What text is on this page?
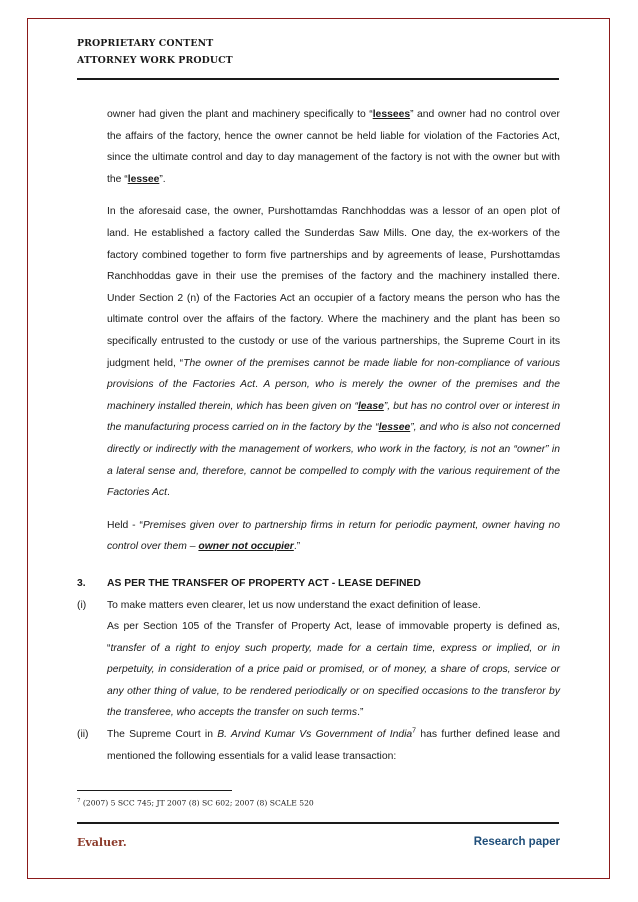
PROPRIETARY CONTENT
ATTORNEY WORK PRODUCT

owner had given the plant and machinery specifically to “lessees” and owner had no control over the affairs of the factory, hence the owner cannot be held liable for violation of the Factories Act, since the ultimate control and day to day management of the factory is not with the owner but with the “lessee”.

In the aforesaid case, the owner, Purshottamdas Ranchhoddas was a lessor of an open plot of land. He established a factory called the Sunderdas Saw Mills. One day, the ex-workers of the factory combined together to form five partnerships and by agreements of lease, Purshottamdas Ranchhoddas gave in their use the premises of the factory and the machinery installed there. Under Section 2 (n) of the Factories Act an occupier of a factory means the person who has the ultimate control over the affairs of the factory. Where the machinery and the plant has been so specifically entrusted to the custody or use of the various partnerships, the Supreme Court in its judgment held, “The owner of the premises cannot be made liable for non-compliance of various provisions of the Factories Act. A person, who is merely the owner of the premises and the machinery installed therein, which has been given on “lease”, but has no control over or interest in the manufacturing process carried on in the factory by the “lessee”, and who is also not concerned directly or indirectly with the management of workers, who work in the factory, is not an “owner” in a lateral sense and, therefore, cannot be compelled to comply with the various requirement of the Factories Act.

Held - “Premises given over to partnership firms in return for periodic payment, owner having no control over them – owner not occupier.”

3. AS PER THE TRANSFER OF PROPERTY ACT - LEASE DEFINED
(i) To make matters even clearer, let us now understand the exact definition of lease.

As per Section 105 of the Transfer of Property Act, lease of immovable property is defined as, “transfer of a right to enjoy such property, made for a certain time, express or implied, or in perpetuity, in consideration of a price paid or promised, or of money, a share of crops, service or any other thing of value, to be rendered periodically or on specified occasions to the transferor by the transferee, who accepts the transfer on such terms.”

(ii) The Supreme Court in B. Arvind Kumar Vs Government of India$^7$ has further defined lease and mentioned the following essentials for a valid lease transaction:

$^7$ (2007) 5 SCC 745; JT 2007 (8) SC 602; 2007 (8) SCALE 520
Evaluer.	Research paper
